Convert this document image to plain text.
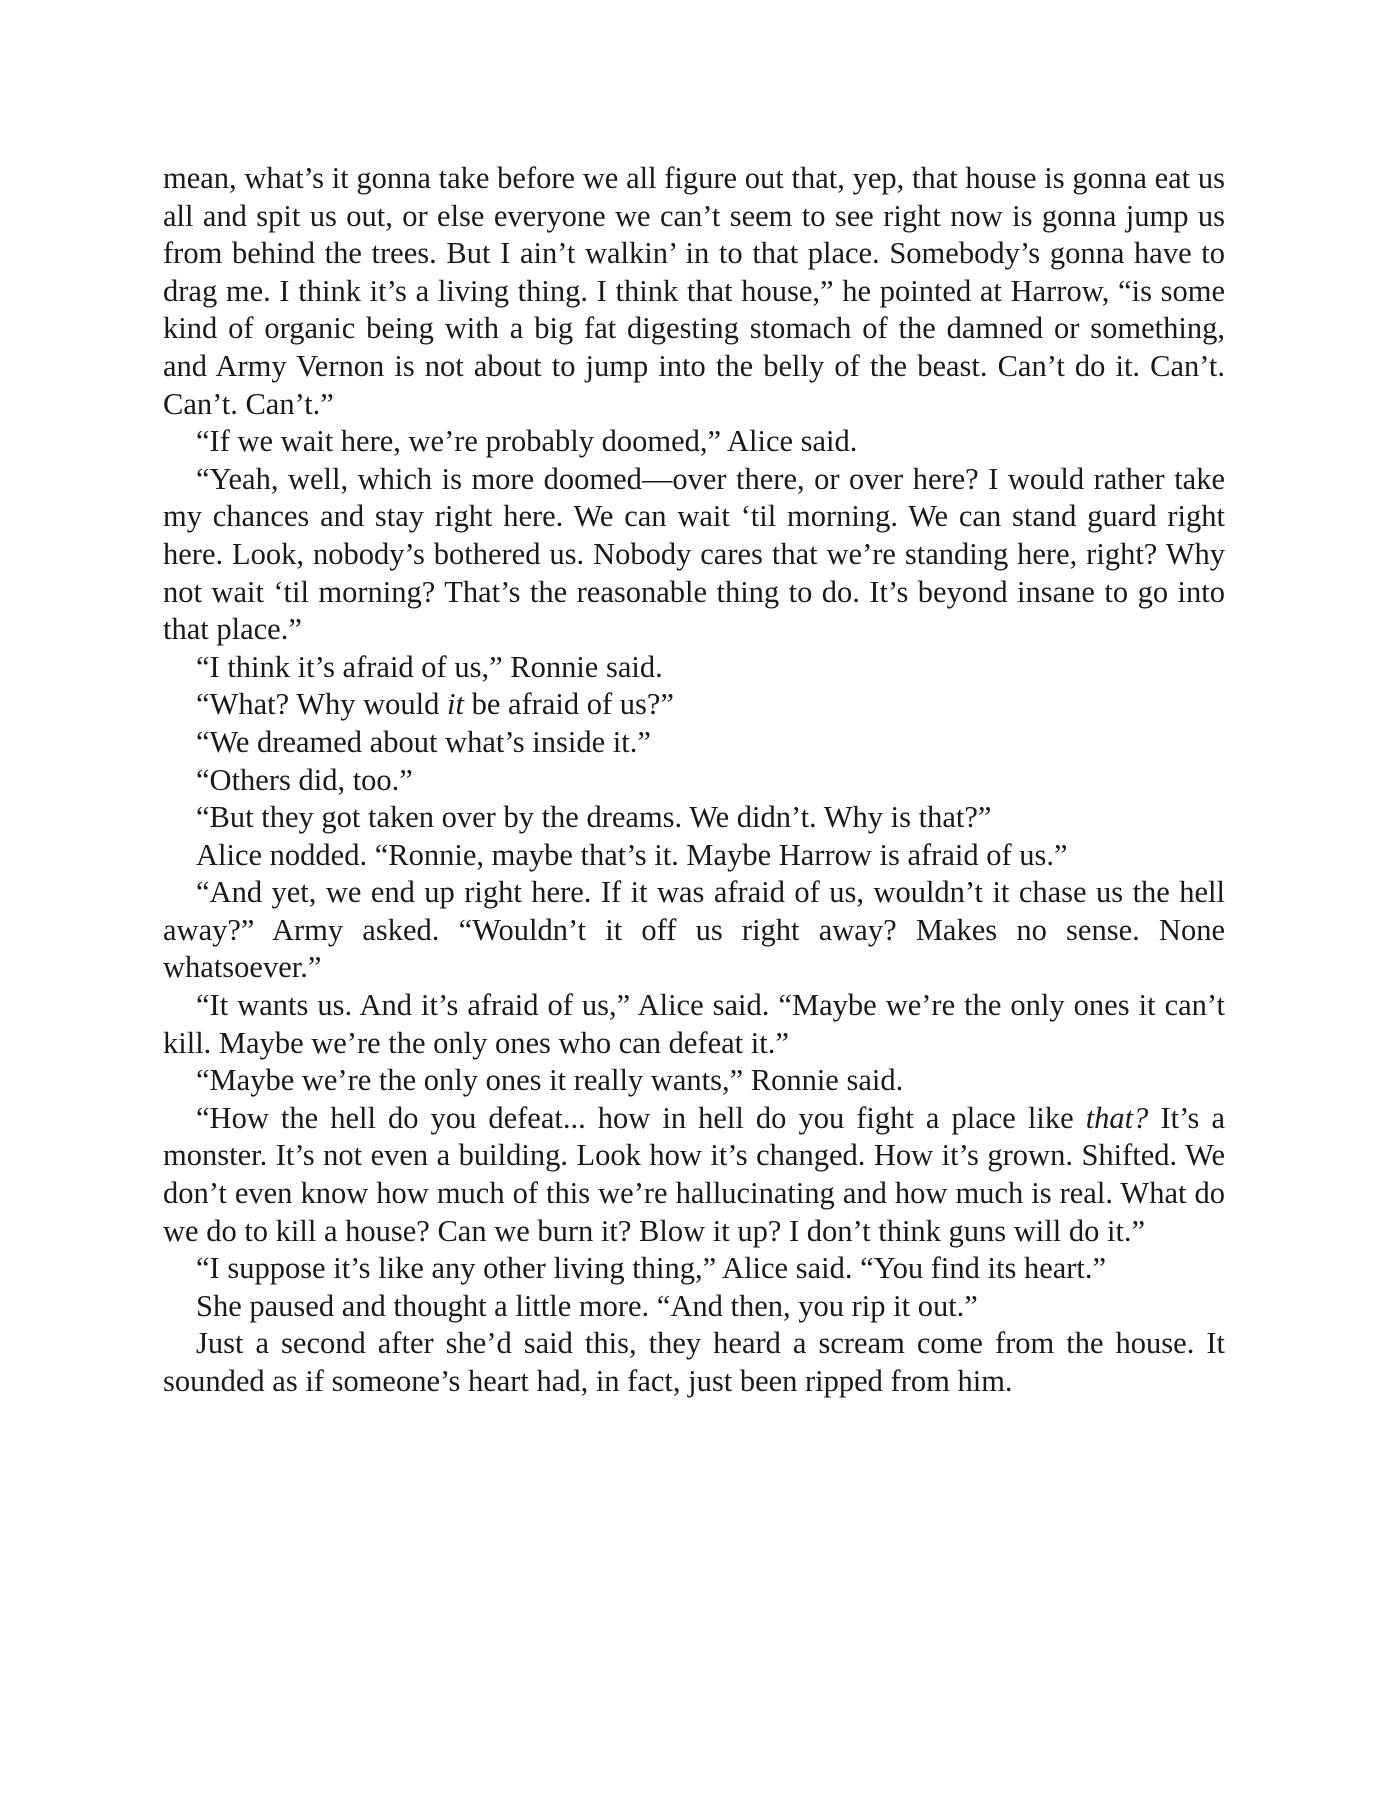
mean, what’s it gonna take before we all figure out that, yep, that house is gonna eat us all and spit us out, or else everyone we can’t seem to see right now is gonna jump us from behind the trees. But I ain’t walkin’ in to that place. Somebody’s gonna have to drag me. I think it’s a living thing. I think that house,” he pointed at Harrow, “is some kind of organic being with a big fat digesting stomach of the damned or something, and Army Vernon is not about to jump into the belly of the beast. Can’t do it. Can’t. Can’t. Can’t.”

“If we wait here, we’re probably doomed,” Alice said.

“Yeah, well, which is more doomed—over there, or over here? I would rather take my chances and stay right here. We can wait ‘til morning. We can stand guard right here. Look, nobody’s bothered us. Nobody cares that we’re standing here, right? Why not wait ‘til morning? That’s the reasonable thing to do. It’s beyond insane to go into that place.”

“I think it’s afraid of us,” Ronnie said.

“What? Why would it be afraid of us?”

“We dreamed about what’s inside it.”

“Others did, too.”

“But they got taken over by the dreams. We didn’t. Why is that?”

Alice nodded. “Ronnie, maybe that’s it. Maybe Harrow is afraid of us.”

“And yet, we end up right here. If it was afraid of us, wouldn’t it chase us the hell away?” Army asked. “Wouldn’t it off us right away? Makes no sense. None whatsoever.”

“It wants us. And it’s afraid of us,” Alice said. “Maybe we’re the only ones it can’t kill. Maybe we’re the only ones who can defeat it.”

“Maybe we’re the only ones it really wants,” Ronnie said.

“How the hell do you defeat... how in hell do you fight a place like that? It’s a monster. It’s not even a building. Look how it’s changed. How it’s grown. Shifted. We don’t even know how much of this we’re hallucinating and how much is real. What do we do to kill a house? Can we burn it? Blow it up? I don’t think guns will do it.”

“I suppose it’s like any other living thing,” Alice said. “You find its heart.”

She paused and thought a little more. “And then, you rip it out.”

Just a second after she’d said this, they heard a scream come from the house. It sounded as if someone’s heart had, in fact, just been ripped from him.
